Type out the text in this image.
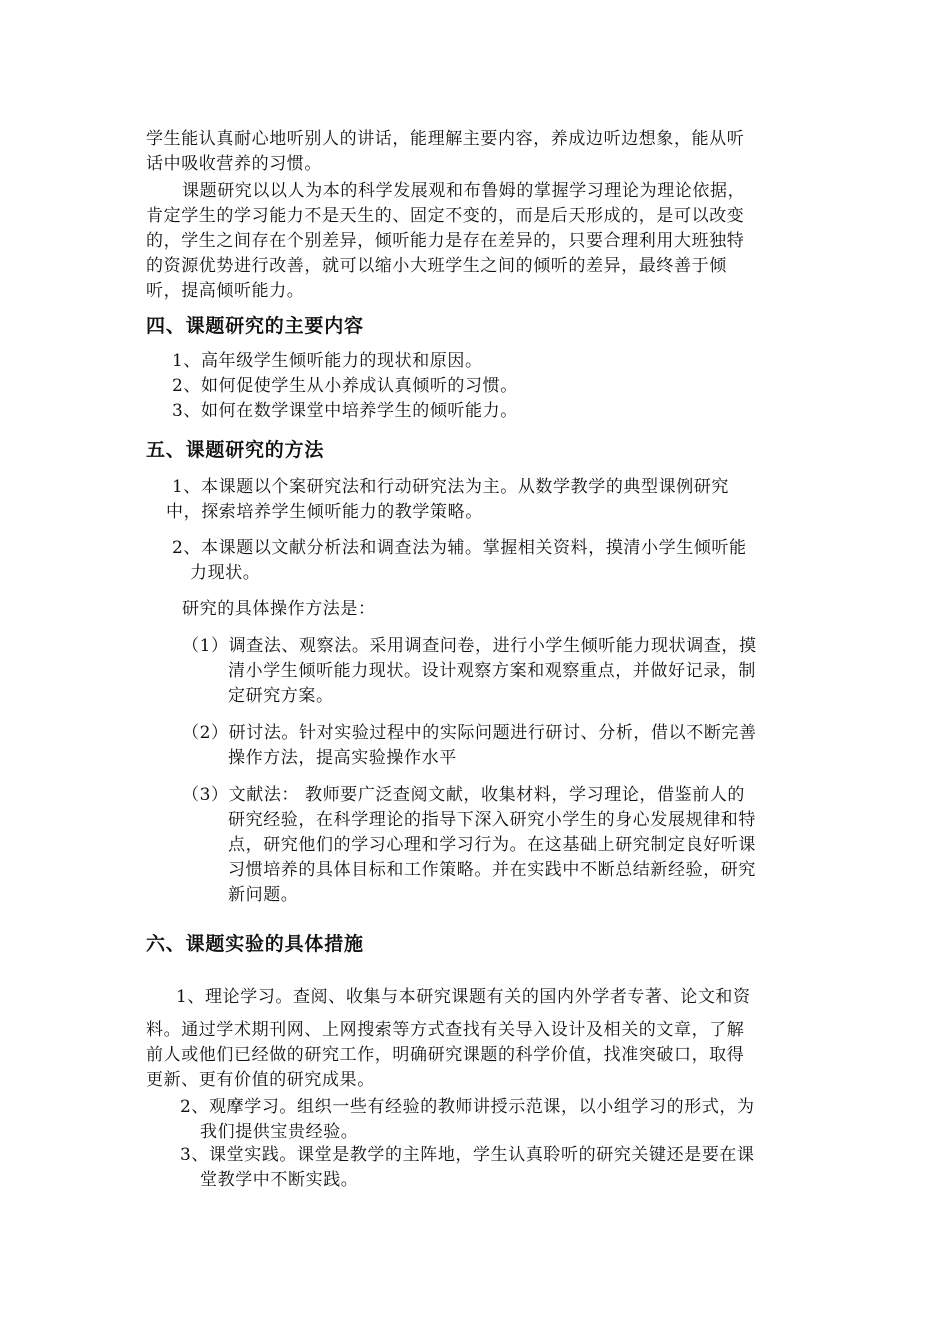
学生能认真耐心地听别人的讲话，能理解主要内容，养成边听边想象，能从听
话中吸收营养的习惯。
课题研究以以人为本的科学发展观和布鲁姆的掌握学习理论为理论依据，
肯定学生的学习能力不是天生的、固定不变的，而是后天形成的，是可以改变
的，学生之间存在个别差异，倾听能力是存在差异的，只要合理利用大班独特
的资源优势进行改善，就可以缩小大班学生之间的倾听的差异，最终善于倾
听，提高倾听能力。
四、课题研究的主要内容
1、高年级学生倾听能力的现状和原因。
2、如何促使学生从小养成认真倾听的习惯。
3、如何在数学课堂中培养学生的倾听能力。
五、课题研究的方法
1、本课题以个案研究法和行动研究法为主。从数学教学的典型课例研究
中，探索培养学生倾听能力的教学策略。
2、本课题以文献分析法和调查法为辅。掌握相关资料，摸清小学生倾听能
力现状。
研究的具体操作方法是：
（1）调查法、观察法。采用调查问卷，进行小学生倾听能力现状调查，摸
清小学生倾听能力现状。设计观察方案和观察重点，并做好记录，制
定研究方案。
（2）研讨法。针对实验过程中的实际问题进行研讨、分析，借以不断完善
操作方法，提高实验操作水平
（3）文献法： 教师要广泛查阅文献，收集材料，学习理论，借鉴前人的
研究经验，在科学理论的指导下深入研究小学生的身心发展规律和特
点，研究他们的学习心理和学习行为。在这基础上研究制定良好听课
习惯培养的具体目标和工作策略。并在实践中不断总结新经验，研究
新问题。
六、课题实验的具体措施
1、理论学习。查阅、收集与本研究课题有关的国内外学者专著、论文和资
料。通过学术期刊网、上网搜索等方式查找有关导入设计及相关的文章，了解
前人或他们已经做的研究工作，明确研究课题的科学价值，找准突破口，取得
更新、更有价值的研究成果。
2、观摩学习。组织一些有经验的教师讲授示范课，以小组学习的形式，为
我们提供宝贵经验。
3、课堂实践。课堂是教学的主阵地，学生认真聆听的研究关键还是要在课
堂教学中不断实践。
